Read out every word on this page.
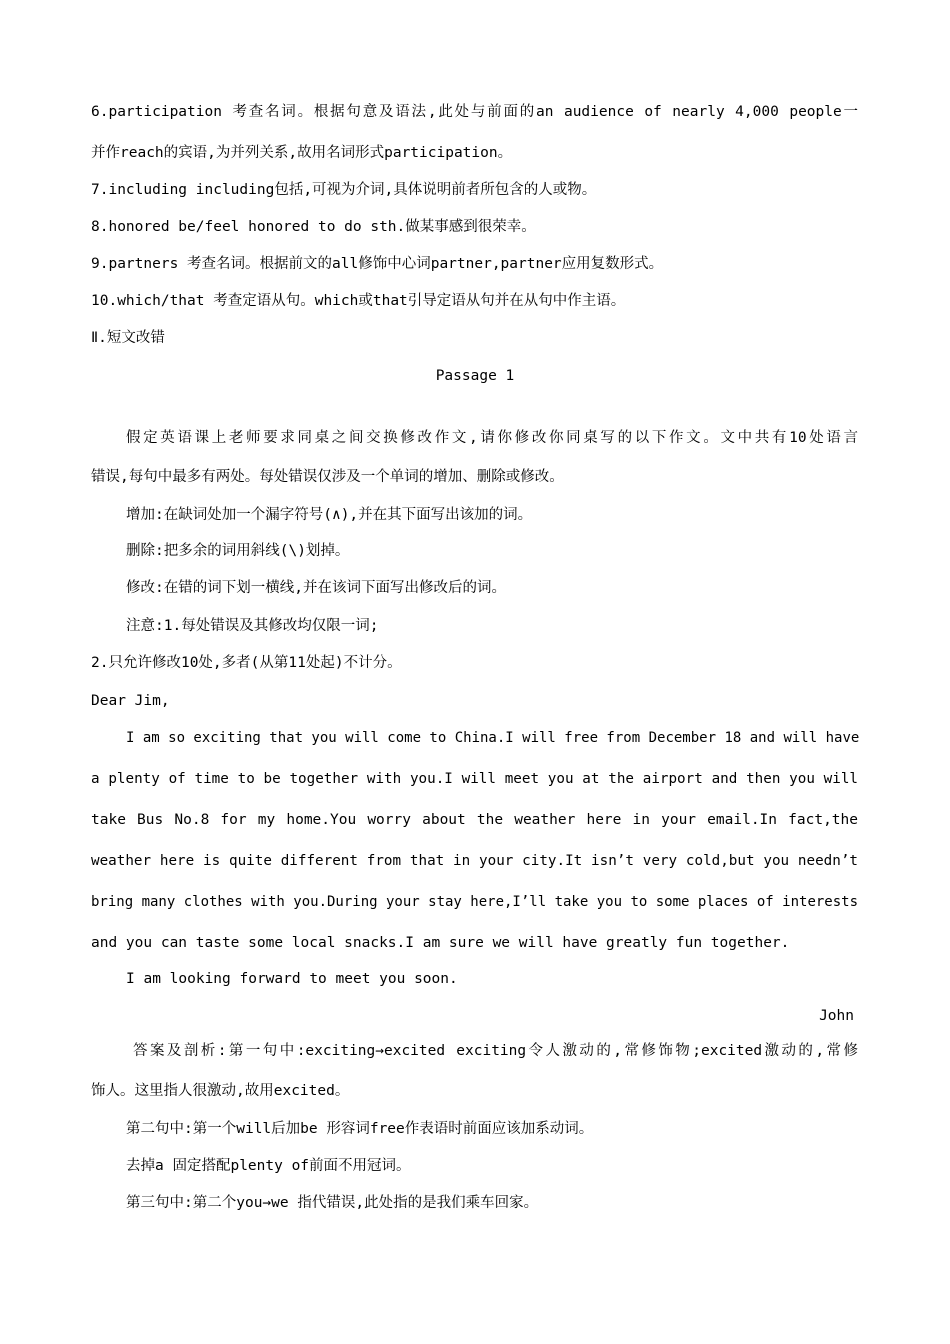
6.participation 考查名词。根据句意及语法,此处与前面的an audience of nearly 4,000 people一

并作reach的宾语,为并列关系,故用名词形式participation。

7.including including包括,可视为介词,具体说明前者所包含的人或物。

8.honored be/feel honored to do sth.做某事感到很荣幸。

9.partners 考查名词。根据前文的all修饰中心词partner,partner应用复数形式。

10.which/that 考查定语从句。which或that引导定语从句并在从句中作主语。

Ⅱ.短文改错

Passage 1

假定英语课上老师要求同桌之间交换修改作文,请你修改你同桌写的以下作文。文中共有10处语言

错误,每句中最多有两处。每处错误仅涉及一个单词的增加、删除或修改。

增加:在缺词处加一个漏字符号(∧),并在其下面写出该加的词。

删除:把多余的词用斜线(\)划掉。

修改:在错的词下划一横线,并在该词下面写出修改后的词。

注意:1.每处错误及其修改均仅限一词;

2.只允许修改10处,多者(从第11处起)不计分。

Dear Jim,

I am so exciting that you will come to China.I will free from December 18 and will have

a plenty of time to be together with you.I will meet you at the airport and then you will

take Bus No.8 for my home.You worry about the weather here in your email.In fact,the

weather here is quite different from that in your city.It isn’t very cold,but you needn’t

bring many clothes with you.During your stay here,I’ll take you to some places of interests

and you can taste some local snacks.I am sure we will have greatly fun together.

I am looking forward to meet you soon.

John

答案及剖析:第一句中:exciting→excited exciting令人激动的,常修饰物;excited激动的,常修

饰人。这里指人很激动,故用excited。

第二句中:第一个will后加be 形容词free作表语时前面应该加系动词。

去掉a 固定搭配plenty of前面不用冠词。

第三句中:第二个you→we 指代错误,此处指的是我们乘车回家。
